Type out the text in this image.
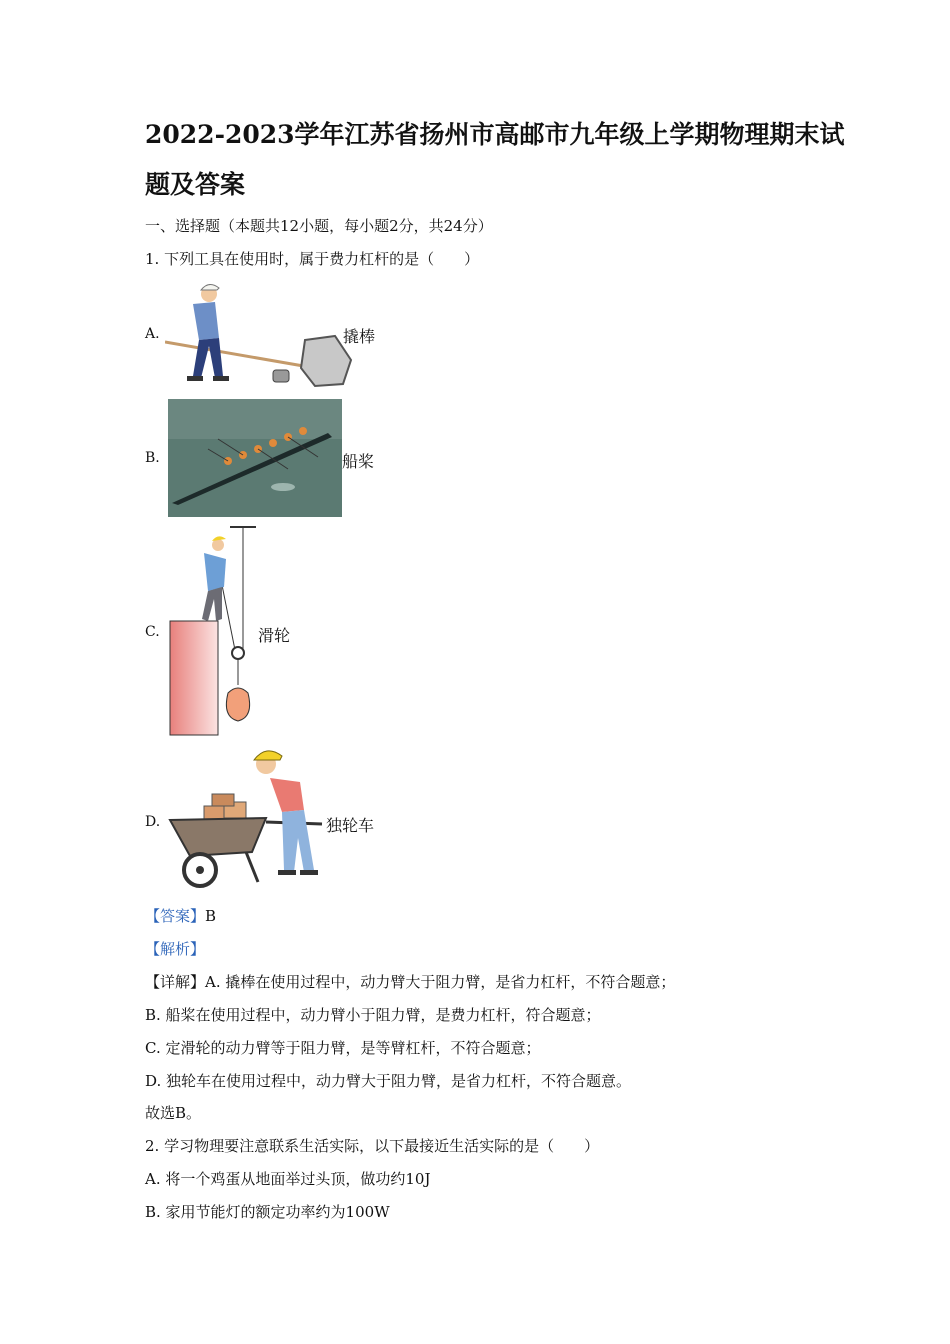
2022-2023学年江苏省扬州市高邮市九年级上学期物理期末试题及答案
一、选择题（本题共12小题，每小题2分，共24分）
1. 下列工具在使用时，属于费力杠杆的是（　　）
A.	撬棒
B.	船桨
C.	滑轮
D.	独轮车
【答案】B
【解析】
【详解】A. 撬棒在使用过程中，动力臂大于阻力臂，是省力杠杆，不符合题意；
B. 船桨在使用过程中，动力臂小于阻力臂，是费力杠杆，符合题意；
C. 定滑轮的动力臂等于阻力臂，是等臂杠杆，不符合题意；
D. 独轮车在使用过程中，动力臂大于阻力臂，是省力杠杆，不符合题意。
故选B。
2. 学习物理要注意联系生活实际，以下最接近生活实际的是（　　）
A. 将一个鸡蛋从地面举过头顶，做功约10J
B. 家用节能灯的额定功率约为100W
